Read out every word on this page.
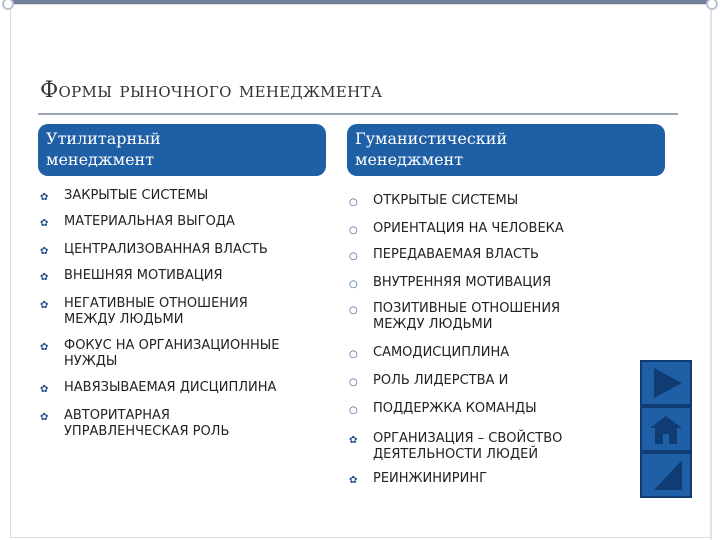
Формы рыночного менеджмента
Утилитарный
менеджмент
Гуманистический
менеджмент
✿ ЗАКРЫТЫЕ СИСТЕМЫ
✿ МАТЕРИАЛЬНАЯ ВЫГОДА
✿ ЦЕНТРАЛИЗОВАННАЯ ВЛАСТЬ
✿ ВНЕШНЯЯ МОТИВАЦИЯ
✿ НЕГАТИВНЫЕ ОТНОШЕНИЯ
МЕЖДУ ЛЮДЬМИ
✿ ФОКУС НА ОРГАНИЗАЦИОННЫЕ
НУЖДЫ
✿ НАВЯЗЫВАЕМАЯ ДИСЦИПЛИНА
✿ АВТОРИТАРНАЯ
УПРАВЛЕНЧЕСКАЯ РОЛЬ
○ ОТКРЫТЫЕ СИСТЕМЫ
○ ОРИЕНТАЦИЯ НА ЧЕЛОВЕКА
○ ПЕРЕДАВАЕМАЯ ВЛАСТЬ
○ ВНУТРЕННЯЯ МОТИВАЦИЯ
○ ПОЗИТИВНЫЕ ОТНОШЕНИЯ
МЕЖДУ ЛЮДЬМИ
○ САМОДИСЦИПЛИНА
○ РОЛЬ ЛИДЕРСТВА И
○ ПОДДЕРЖКА КОМАНДЫ
✿ ОРГАНИЗАЦИЯ – СВОЙСТВО
ДЕЯТЕЛЬНОСТИ ЛЮДЕЙ
✿ РЕИНЖИНИРИНГ
